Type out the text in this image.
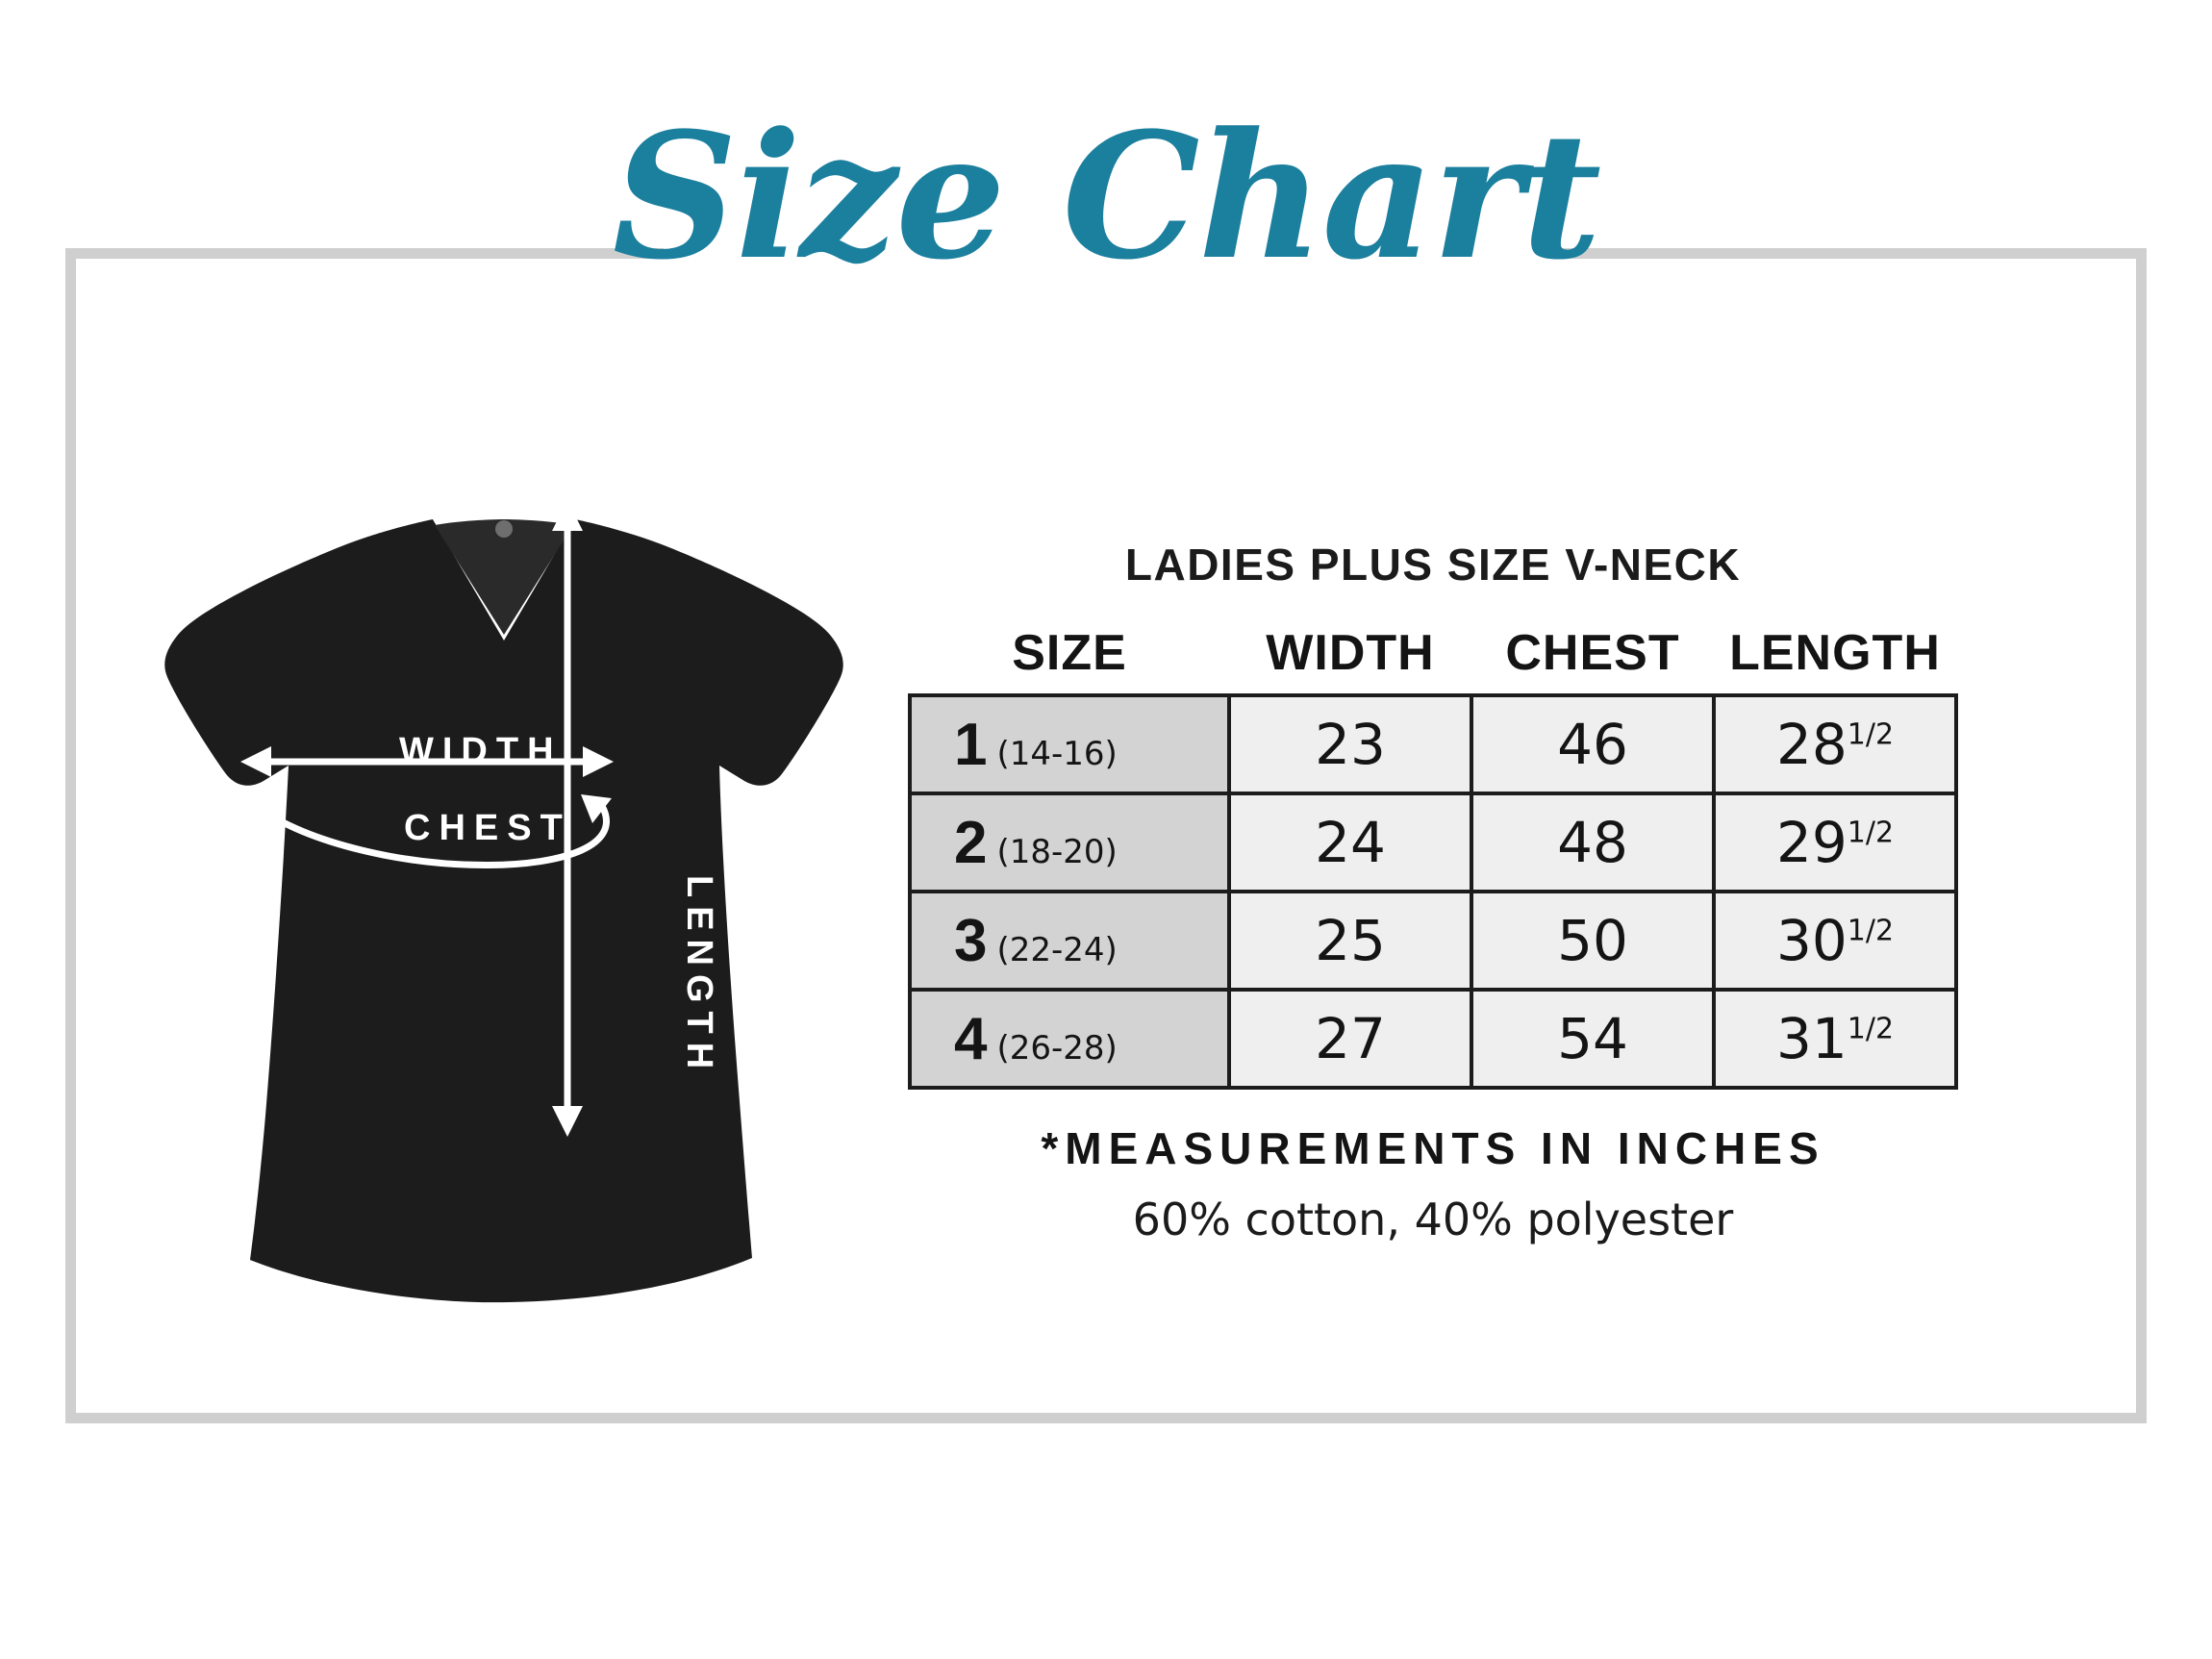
Size Chart
WIDTH
CHEST
LENGTH
LADIES PLUS SIZE V-NECK
SIZE	WIDTH	CHEST	LENGTH
1 (14-16)	23	46	$28^{1/2}$
2 (18-20)	24	48	$29^{1/2}$
3 (22-24)	25	50	$30^{1/2}$
4 (26-28)	27	54	$31^{1/2}$
*MEASUREMENTS IN INCHES
60% cotton, 40% polyester
